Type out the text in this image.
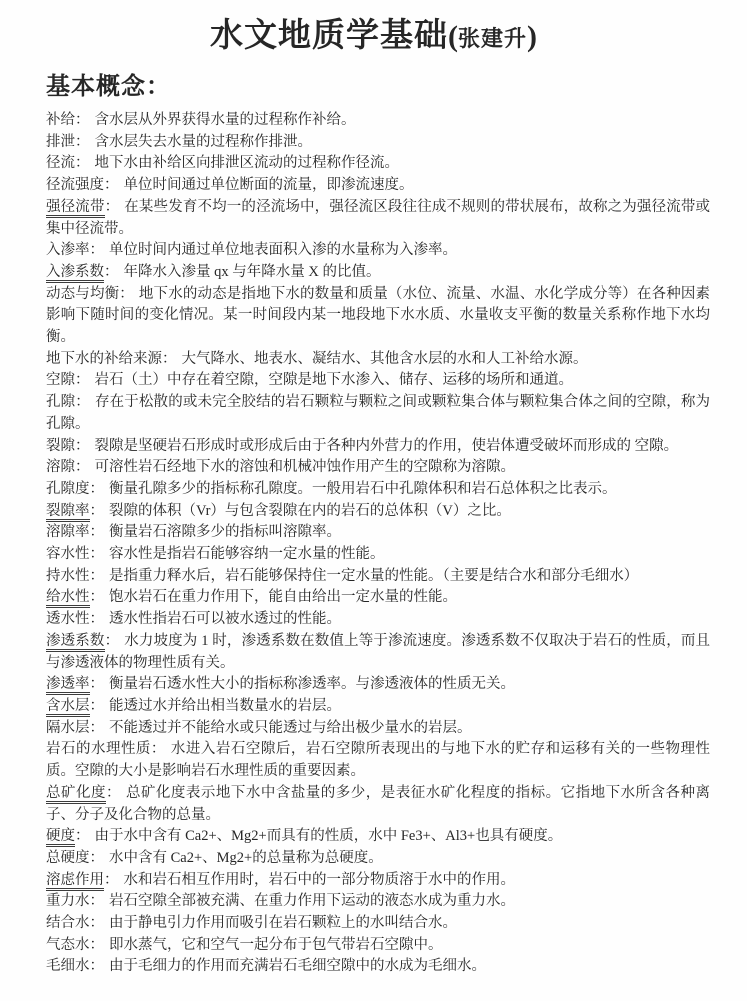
水文地质学基础(张建升)
基本概念：

补给： 含水层从外界获得水量的过程称作补给。

排泄： 含水层失去水量的过程称作排泄。

径流： 地下水由补给区向排泄区流动的过程称作径流。

径流强度： 单位时间通过单位断面的流量，即渗流速度。

强径流带： 在某些发育不均一的泾流场中，强径流区段往往成不规则的带状展布，故称之为强径流带或集中径流带。

入渗率： 单位时间内通过单位地表面积入渗的水量称为入渗率。

入渗系数： 年降水入渗量 qx 与年降水量 X 的比值。

动态与均衡： 地下水的动态是指地下水的数量和质量（水位、流量、水温、水化学成分等）在各种因素影响下随时间的变化情况。某一时间段内某一地段地下水水质、水量收支平衡的数量关系称作地下水均衡。

地下水的补给来源： 大气降水、地表水、凝结水、其他含水层的水和人工补给水源。

空隙： 岩石（土）中存在着空隙，空隙是地下水渗入、储存、运移的场所和通道。

孔隙： 存在于松散的或未完全胶结的岩石颗粒与颗粒之间或颗粒集合体与颗粒集合体之间的空隙，称为孔隙。

裂隙： 裂隙是坚硬岩石形成时或形成后由于各种内外营力的作用，使岩体遭受破坏而形成的 空隙。

溶隙： 可溶性岩石经地下水的溶蚀和机械冲蚀作用产生的空隙称为溶隙。

孔隙度： 衡量孔隙多少的指标称孔隙度。一般用岩石中孔隙体积和岩石总体积之比表示。

裂隙率： 裂隙的体积（Vr）与包含裂隙在内的岩石的总体积（V）之比。

溶隙率： 衡量岩石溶隙多少的指标叫溶隙率。

容水性： 容水性是指岩石能够容纳一定水量的性能。

持水性： 是指重力释水后，岩石能够保持住一定水量的性能。（主要是结合水和部分毛细水）

给水性： 饱水岩石在重力作用下，能自由给出一定水量的性能。

透水性： 透水性指岩石可以被水透过的性能。

渗透系数： 水力坡度为 1 时，渗透系数在数值上等于渗流速度。渗透系数不仅取决于岩石的性质，而且与渗透液体的物理性质有关。

渗透率： 衡量岩石透水性大小的指标称渗透率。与渗透液体的性质无关。

含水层： 能透过水并给出相当数量水的岩层。

隔水层： 不能透过并不能给水或只能透过与给出极少量水的岩层。

岩石的水理性质： 水进入岩石空隙后，岩石空隙所表现出的与地下水的贮存和运移有关的一些物理性质。空隙的大小是影响岩石水理性质的重要因素。

总矿化度： 总矿化度表示地下水中含盐量的多少，是表征水矿化程度的指标。它指地下水所含各种离子、分子及化合物的总量。

硬度： 由于水中含有 Ca2+、Mg2+而具有的性质，水中 Fe3+、Al3+也具有硬度。

总硬度： 水中含有 Ca2+、Mg2+的总量称为总硬度。

溶虑作用： 水和岩石相互作用时，岩石中的一部分物质溶于水中的作用。

重力水： 岩石空隙全部被充满、在重力作用下运动的液态水成为重力水。

结合水： 由于静电引力作用而吸引在岩石颗粒上的水叫结合水。

气态水： 即水蒸气，它和空气一起分布于包气带岩石空隙中。

毛细水： 由于毛细力的作用而充满岩石毛细空隙中的水成为毛细水。
